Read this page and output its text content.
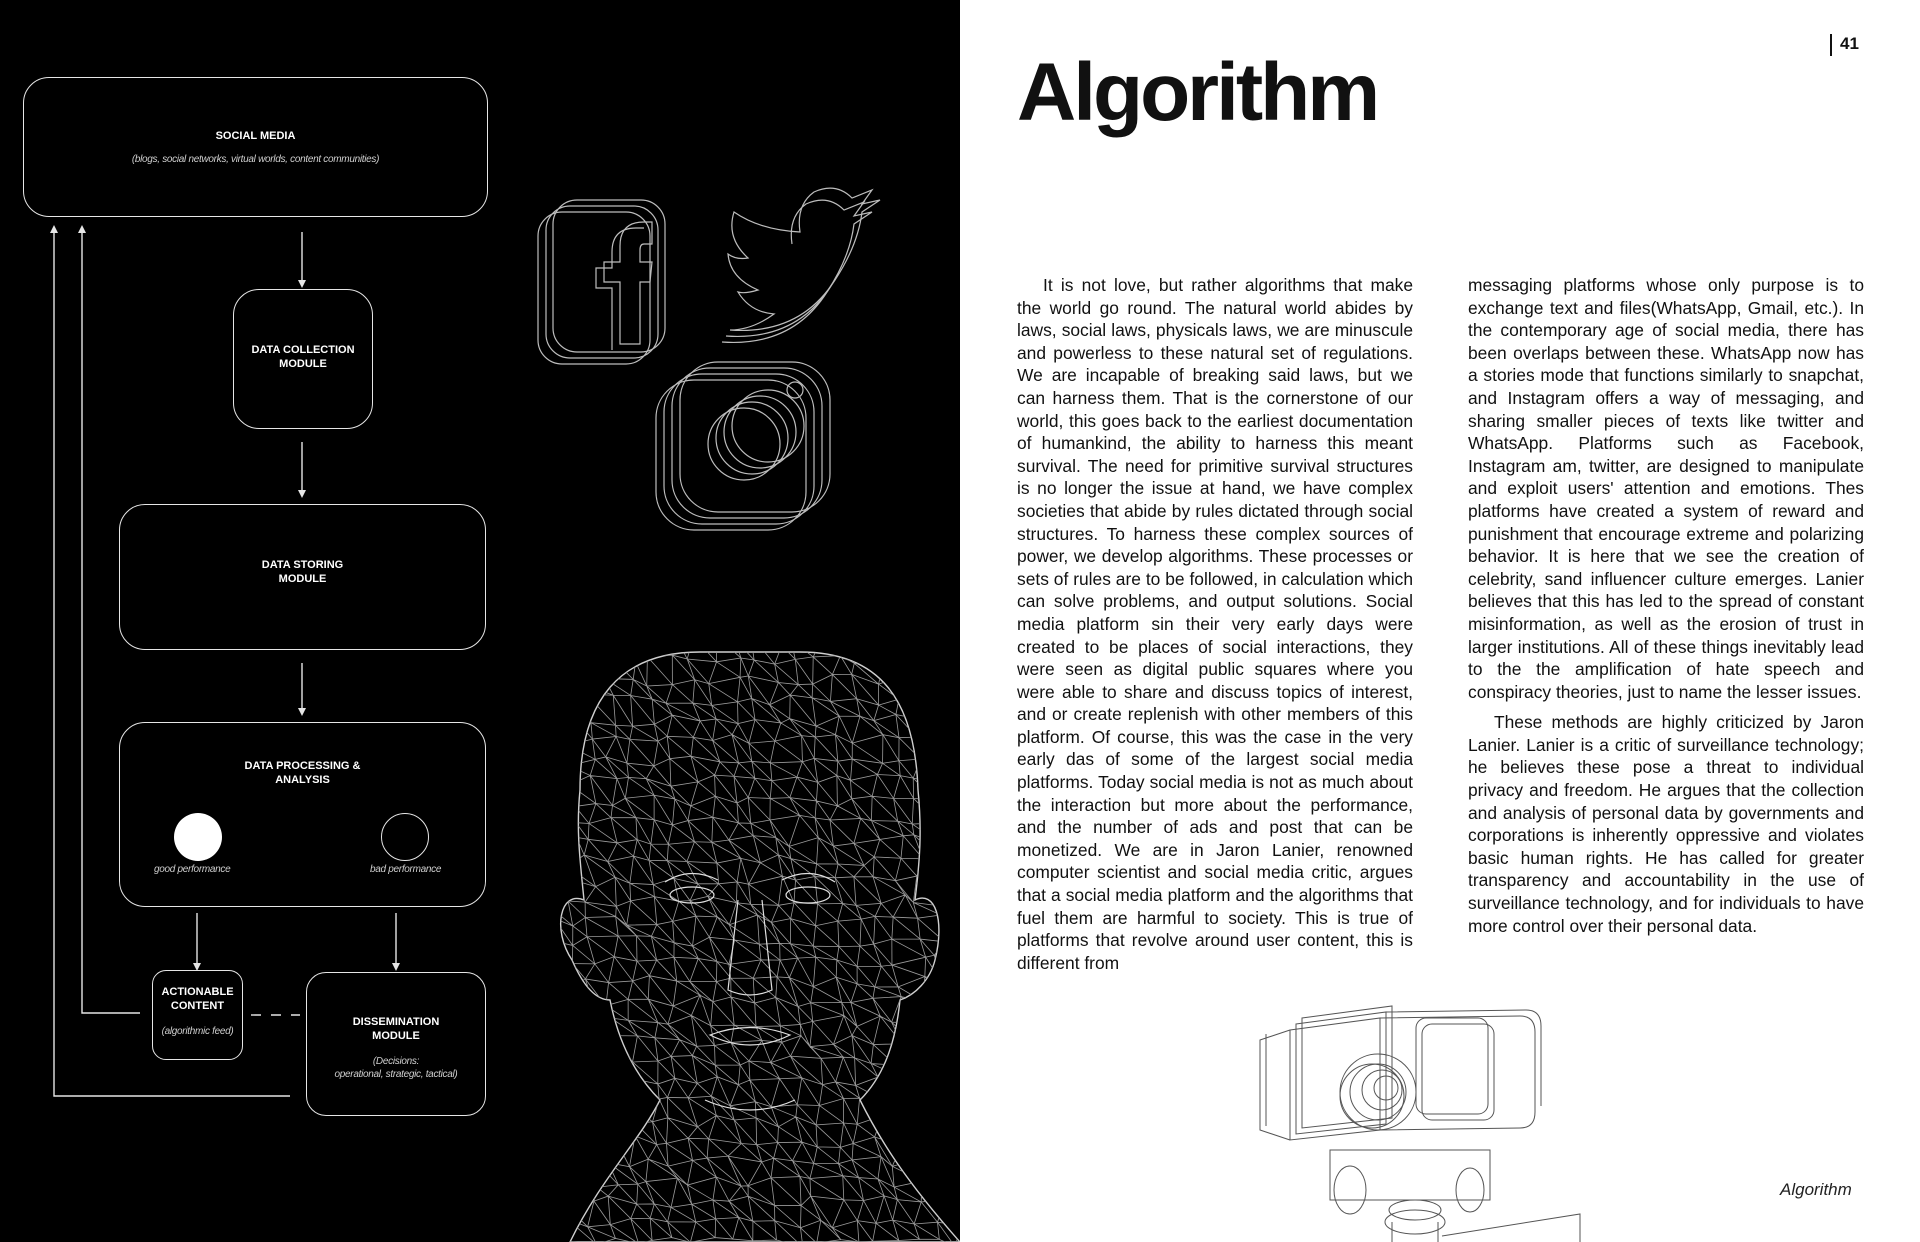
SOCIAL MEDIA
(blogs, social networks, virtual worlds, content communities)
DATA COLLECTION
MODULE
DATA STORING
MODULE
DATA PROCESSING &
ANALYSIS
good performance	bad performance
ACTIONABLE
CONTENT
(algorithmic feed)
DISSEMINATION
MODULE
(Decisions:
operational, strategic, tactical)
41
Algorithm

It is not love, but rather algorithms that make the world go round. The natural world abides by laws, social laws, physicals laws, we are minuscule and powerless to these natural set of regulations. We are incapable of breaking said laws, but we can harness them. That is the cornerstone of our world, this goes back to the earliest documentation of humankind, the ability to harness this meant survival. The need for primitive survival structures is no longer the issue at hand, we have complex societies that abide by rules dictated through social structures. To harness these complex sources of power, we develop algorithms. These processes or sets of rules are to be followed, in calculation which can solve problems, and output solutions. Social media platform sin their very early days were created to be places of social interactions, they were seen as digital public squares where you were able to share and discuss topics of interest, and or create replenish with other members of this platform. Of course, this was the case in the very early das of some of the largest social media platforms. Today social media is not as much about the interaction but more about the performance, and the number of ads and post that can be monetized. We are in Jaron Lanier, renowned computer scientist and social media critic, argues that a social media platform and the algorithms that fuel them are harmful to society. This is true of platforms that revolve around user content, this is different from

messaging platforms whose only purpose is to exchange text and files(WhatsApp, Gmail, etc.). In the contemporary age of social media, there has been overlaps between these. WhatsApp now has a stories mode that functions similarly to snapchat, and Instagram offers a way of messaging, and sharing smaller pieces of texts like twitter and WhatsApp. Platforms such as Facebook, Instagram am, twitter, are designed to manipulate and exploit users' attention and emotions. Thes platforms have created a system of reward and punishment that encourage extreme and polarizing behavior. It is here that we see the creation of celebrity, sand influencer culture emerges. Lanier believes that this has led to the spread of constant misinformation, as well as the erosion of trust in larger institutions. All of these things inevitably lead to the the amplification of hate speech and conspiracy theories, just to name the lesser issues.

These methods are highly criticized by Jaron Lanier. Lanier is a critic of surveillance technology; he believes these pose a threat to individual privacy and freedom. He argues that the collection and analysis of personal data by governments and corporations is inherently oppressive and violates basic human rights. He has called for greater transparency and accountability in the use of surveillance technology, and for individuals to have more control over their personal data.

Algorithm
